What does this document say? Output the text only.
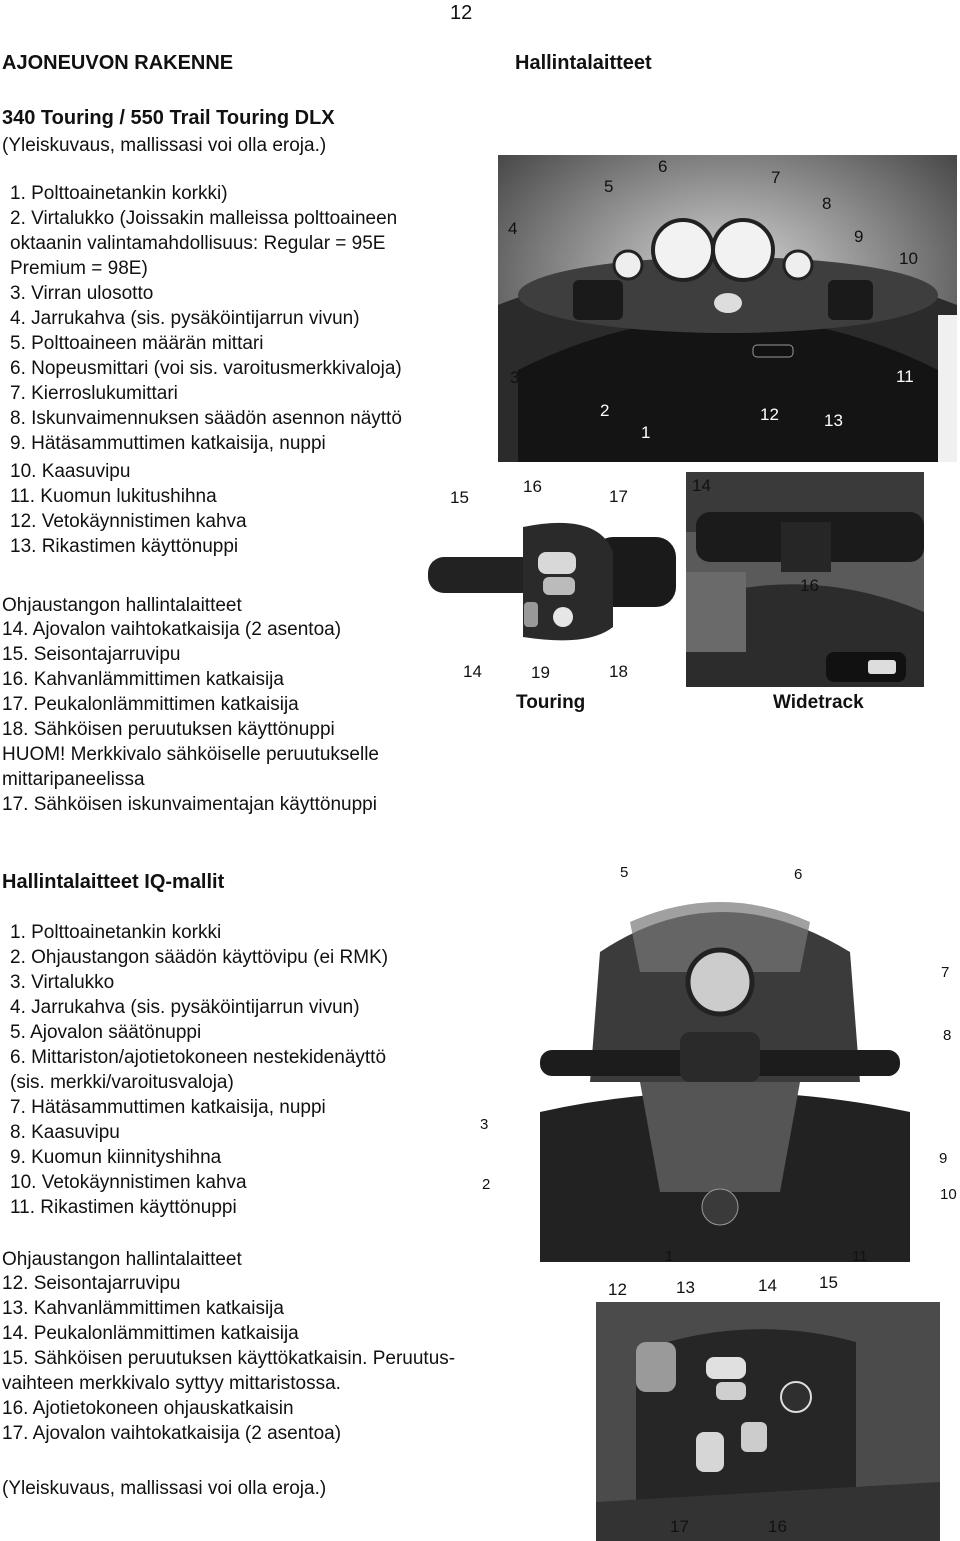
12
AJONEUVON RAKENNE	Hallintalaitteet
340 Touring / 550 Trail Touring DLX
(Yleiskuvaus, mallissasi voi olla eroja.)
1. Polttoainetankin korkki)
2. Virtalukko (Joissakin malleissa polttoaineen
oktaanin valintamahdollisuus: Regular = 95E
Premium = 98E)
3. Virran ulosotto
4. Jarrukahva (sis. pysäköintijarrun vivun)
5. Polttoaineen määrän mittari
6. Nopeusmittari (voi sis. varoitusmerkkivaloja)
7. Kierroslukumittari
8. Iskunvaimennuksen säädön asennon näyttö
9. Hätäsammuttimen katkaisija, nuppi
10. Kaasuvipu
11. Kuomun lukitushihna
12. Vetokäynnistimen kahva
13. Rikastimen käyttönuppi
Ohjaustangon hallintalaitteet
14. Ajovalon vaihtokatkaisija (2 asentoa)
15. Seisontajarruvipu
16. Kahvanlämmittimen katkaisija
17. Peukalonlämmittimen katkaisija
18. Sähköisen peruutuksen käyttönuppi
HUOM! Merkkivalo sähköiselle peruutukselle
mittaripaneelissa
17. Sähköisen iskunvaimentajan käyttönuppi
4
5
6
7
8
9
10
3
2
1
12	13
11
15
16
17
14	19	18
14
16
Touring	Widetrack
Hallintalaitteet IQ-mallit
1. Polttoainetankin korkki
2. Ohjaustangon säädön käyttövipu (ei RMK)
3. Virtalukko
4. Jarrukahva (sis. pysäköintijarrun vivun)
5. Ajovalon säätönuppi
6. Mittariston/ajotietokoneen nestekidenäyttö
(sis. merkki/varoitusvaloja)
7. Hätäsammuttimen katkaisija, nuppi
8. Kaasuvipu
9. Kuomun kiinnityshihna
10. Vetokäynnistimen kahva
11. Rikastimen käyttönuppi
5	6
7
8
3
9
2
10
1	11
Ohjaustangon hallintalaitteet
12. Seisontajarruvipu
13. Kahvanlämmittimen katkaisija
14. Peukalonlämmittimen katkaisija
15. Sähköisen peruutuksen käyttökatkaisin. Peruutus-
vaihteen merkkivalo syttyy mittaristossa.
16. Ajotietokoneen ohjauskatkaisin
17. Ajovalon vaihtokatkaisija (2 asentoa)
(Yleiskuvaus, mallissasi voi olla eroja.)
12	13	14 15
17	16
